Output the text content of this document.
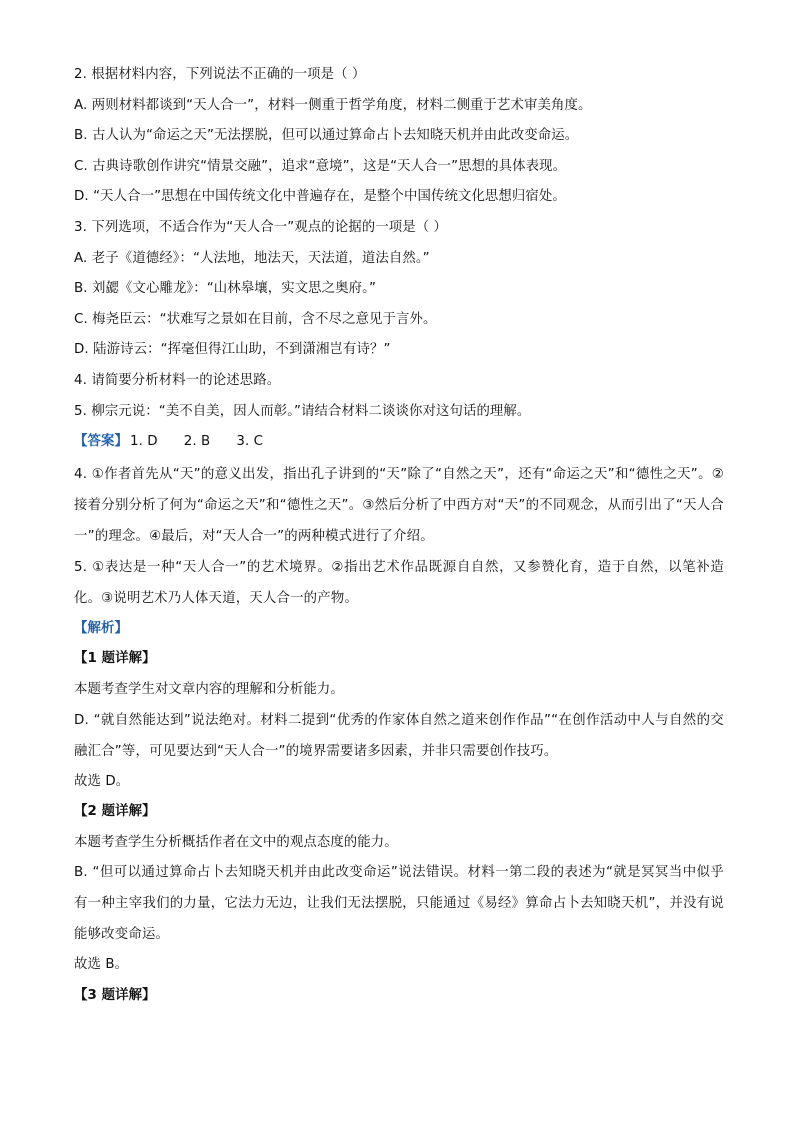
2. 根据材料内容，下列说法不正确的一项是（ ）

A. 两则材料都谈到“天人合一”，材料一侧重于哲学角度，材料二侧重于艺术审美角度。

B. 古人认为“命运之天”无法摆脱，但可以通过算命占卜去知晓天机并由此改变命运。

C. 古典诗歌创作讲究“情景交融”，追求“意境”，这是“天人合一”思想的具体表现。

D. “天人合一”思想在中国传统文化中普遍存在，是整个中国传统文化思想归宿处。

3. 下列选项，不适合作为“天人合一”观点的论据的一项是（ ）

A. 老子《道德经》：“人法地，地法天，天法道，道法自然。”

B. 刘勰《文心雕龙》：“山林皋壤，实文思之奥府。”

C. 梅尧臣云：“状难写之景如在目前，含不尽之意见于言外。

D. 陆游诗云：“挥毫但得江山助，不到潇湘岂有诗？”

4. 请简要分析材料一的论述思路。

5. 柳宗元说：“美不自美，因人而彰。”请结合材料二谈谈你对这句话的理解。

【答案】 1. D 2. B 3. C

4. ①作者首先从“天”的意义出发，指出孔子讲到的“天”除了“自然之天”，还有“命运之天”和“德性之天”。②接着分别分析了何为“命运之天”和“德性之天”。③然后分析了中西方对“天”的不同观念，从而引出了“天人合一”的理念。④最后，对“天人合一”的两种模式进行了介绍。

5. ①表达是一种“天人合一”的艺术境界。②指出艺术作品既源自自然，又参赞化育，造于自然，以笔补造化。③说明艺术乃人体天道，天人合一的产物。

【解析】

【1 题详解】

本题考查学生对文章内容的理解和分析能力。

D. “就自然能达到”说法绝对。材料二提到“优秀的作家体自然之道来创作作品”“在创作活动中人与自然的交融汇合”等，可见要达到“天人合一”的境界需要诸多因素，并非只需要创作技巧。

故选 D。

【2 题详解】

本题考查学生分析概括作者在文中的观点态度的能力。

B. “但可以通过算命占卜去知晓天机并由此改变命运”说法错误。材料一第二段的表述为“就是冥冥当中似乎有一种主宰我们的力量，它法力无边，让我们无法摆脱，只能通过《易经》算命占卜去知晓天机”，并没有说能够改变命运。

故选 B。

【3 题详解】
